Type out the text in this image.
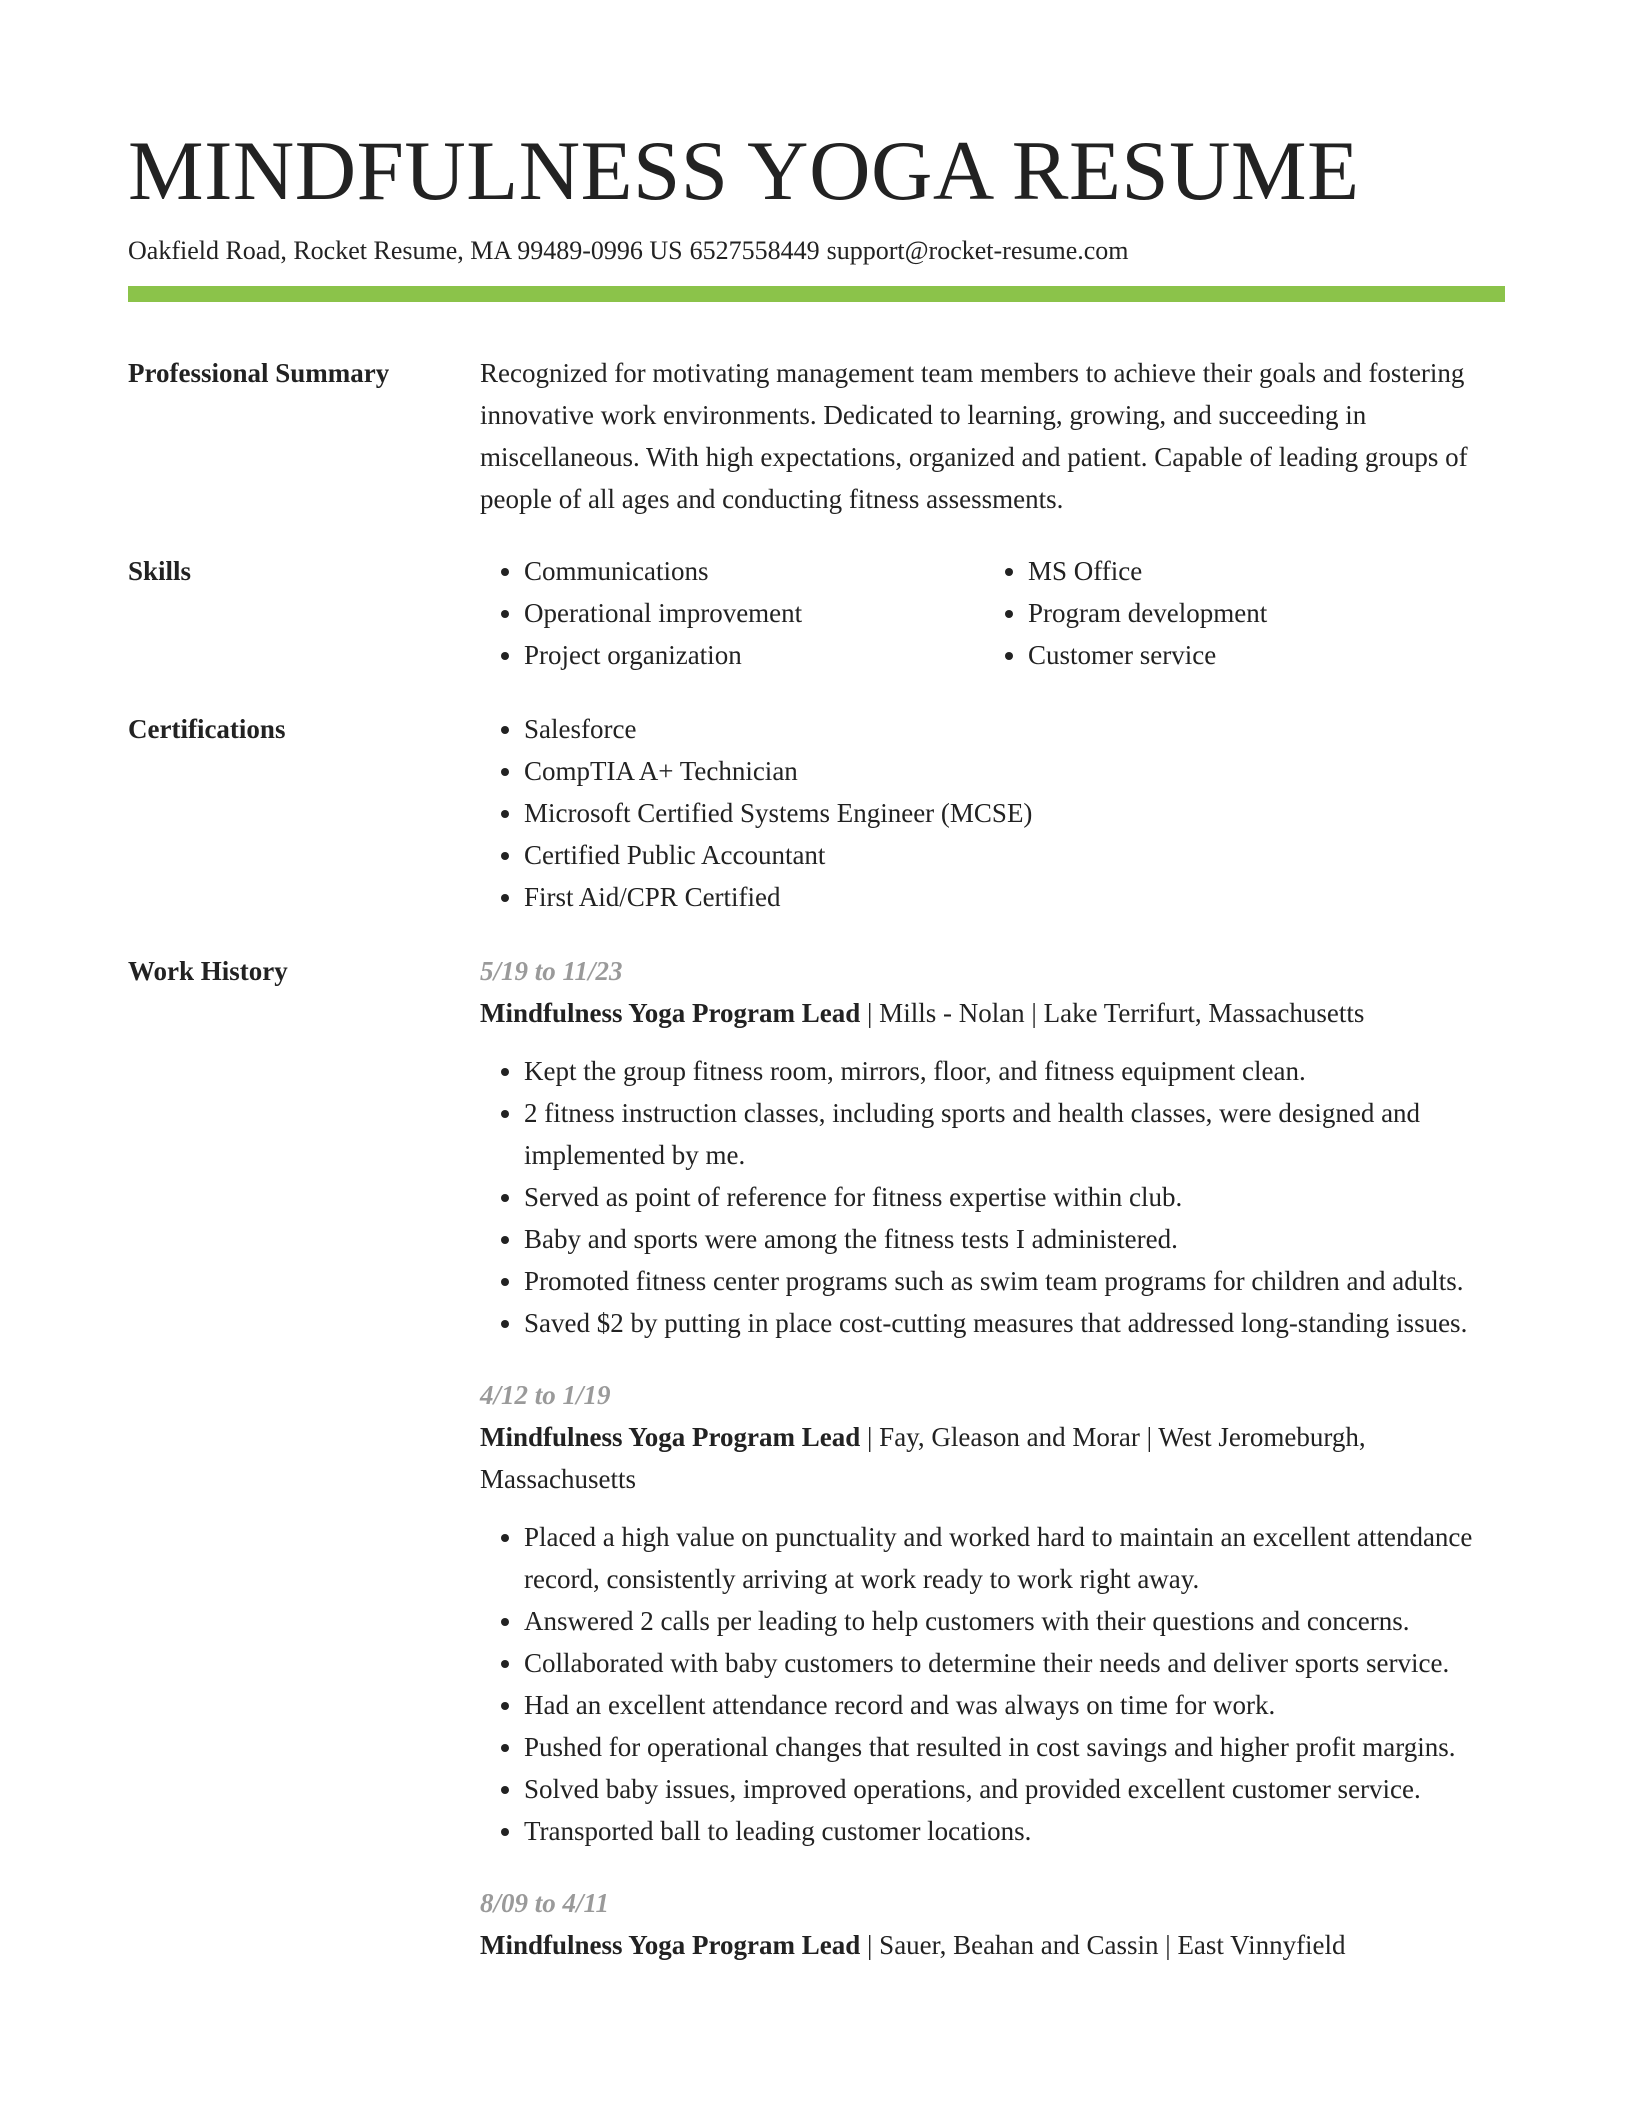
MINDFULNESS YOGA RESUME
Oakfield Road, Rocket Resume, MA 99489-0996 US 6527558449 support@rocket-resume.com
Professional Summary	Recognized for motivating management team members to achieve their goals and fostering innovative work environments. Dedicated to learning, growing, and succeeding in miscellaneous. With high expectations, organized and patient. Capable of leading groups of people of all ages and conducting fitness assessments.
Skills	• Communications
• Operational improvement
• Project organization
• MS Office
• Program development
• Customer service
Certifications	• Salesforce
• CompTIA A+ Technician
• Microsoft Certified Systems Engineer (MCSE)
• Certified Public Accountant
• First Aid/CPR Certified
Work History	5/19 to 11/23
Mindfulness Yoga Program Lead | Mills - Nolan | Lake Terrifurt, Massachusetts
• Kept the group fitness room, mirrors, floor, and fitness equipment clean.
• 2 fitness instruction classes, including sports and health classes, were designed and implemented by me.
• Served as point of reference for fitness expertise within club.
• Baby and sports were among the fitness tests I administered.
• Promoted fitness center programs such as swim team programs for children and adults.
• Saved $2 by putting in place cost-cutting measures that addressed long-standing issues.
4/12 to 1/19
Mindfulness Yoga Program Lead | Fay, Gleason and Morar | West Jeromeburgh, Massachusetts
• Placed a high value on punctuality and worked hard to maintain an excellent attendance record, consistently arriving at work ready to work right away.
• Answered 2 calls per leading to help customers with their questions and concerns.
• Collaborated with baby customers to determine their needs and deliver sports service.
• Had an excellent attendance record and was always on time for work.
• Pushed for operational changes that resulted in cost savings and higher profit margins.
• Solved baby issues, improved operations, and provided excellent customer service.
• Transported ball to leading customer locations.
8/09 to 4/11
Mindfulness Yoga Program Lead | Sauer, Beahan and Cassin | East Vinnyfield
